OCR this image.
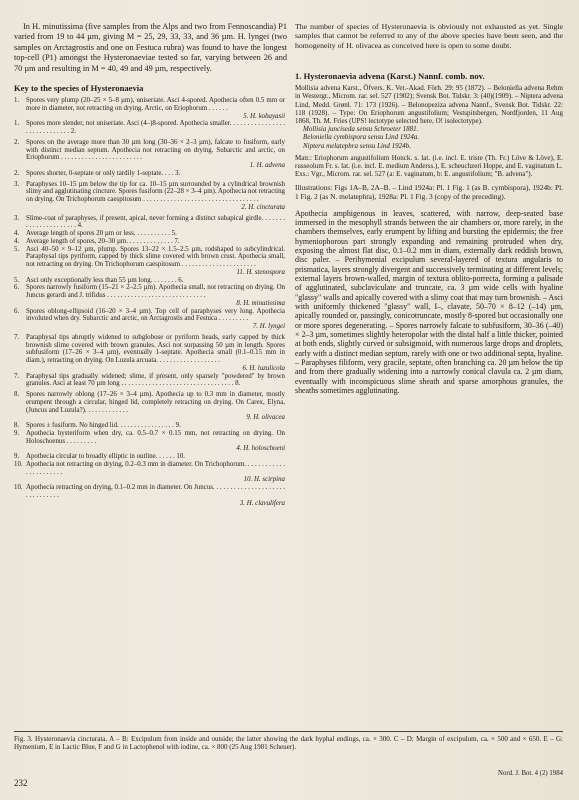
In H. minutissima (five samples from the Alps and two from Fennoscandia) P1 varied from 19 to 44 µm, giving M = 25, 29, 33, 33, and 36 µm. H. lyngei (two samples on Arctagrostis and one on Festuca rubra) was found to have the longest top-cell (P1) amongst the Hysteronaeviae tested so far, varying between 26 and 70 µm and resulting in M = 40, 49 and 49 µm, respectively.

Key to the species of Hysteronaevia
1. Spores very plump (20–25 × 5–8 µm), uniseriate. Asci 4-spored. Apothecia often 0.5 mm or more in diameter, not retracting on drying. Arctic, on Eriophorum . . . . . .
5. H. kobayasii
1. Spores more slender, not uniseriate. Asci (4–)8-spored. Apothecia smaller. . . . . . . . . . . . . . . . . . . . . . . . . . . . . 2.
2. Spores on the average more than 30 µm long (30–36 × 2–3 µm), falcate to fusiform, early with distinct median septum. Apothecia not retracting on drying. Subarctic and arctic, on Eriophorum . . . . . . . . . . . . . . . . . . . . . . . .
1. H. advena
2. Spores shorter, 0-septate or only tardily 1-septate. . . . 3.
3. Paraphyses 10–15 µm below the tip for ca. 10–15 µm surrounded by a cylindrical brownish slimy and agglutinating cincture. Spores fusiform (22–28 × 3–4 µm). Apothecia not retracting on drying. On Trichophorum caespitosum . . . . . . . . . . . . . . . . . . . . . . . . . . . . . . . . . .
2. H. cincturata
3. Slime-coat of paraphyses, if present, apical, never forming a distinct subapical girdle. . . . . . . . . . . . . . . . . . . . . . 4.
4. Average length of spores 20 µm or less. . . . . . . . . . . 5.
4. Average length of spores, 20–30 µm. . . . . . . . . . . . . . 7.
5. Asci 40–50 × 9–12 µm, plump. Spores 13–22 × 1.5–2.5 µm, rodshaped to subcylindrical. Paraphysal tips pyriform, capped by thick slime covered with brown crust. Apothecia small, not retracting on drying. On Trichophorum caespitosum . . . . . . . . . . . . . . . . . . . . . .
11. H. stenospora
5. Asci only exceptionally less than 55 µm long. . . . . . . . 6.
6. Spores narrowly fusiform (15–21 × 2–2.5 µm). Apothecia small, not retracting on drying. On Juncus gerardi and J. trifidus . . . . . . . . . . . . . . . . . . . . . . . . . . . . .
8. H. minutissima
6. Spores oblong-ellipsoid (16–20 × 3–4 µm). Top cell of paraphyses very long. Apothecia involuted when dry. Subarctic and arctic, on Arctagrostis and Festuca . . . . . . . . .
7. H. lyngei
7. Paraphysal tips abruptly widened to subglobose or pyriform heads, early capped by thick brownish slime covered with brown granules. Asci not surpassing 50 µm in length. Spores subfusiform (17–26 × 3–4 µm), eventually 1-septate. Apothecia small (0.1–0.15 mm in diam.), retracting on drying. On Luzula arcuata. . . . . . . . . . . . . . . . . . .
6. H. luzulicola
7. Paraphysal tips gradually widened; slime, if present, only sparsely "powdered" by brown granules. Asci at least 70 µm long . . . . . . . . . . . . . . . . . . . . . . . . . . . . . . . . . 8.
8. Spores narrowly oblong (17–26 × 3–4 µm). Apothecia up to 0.3 mm in diameter, mostly erumpent through a circular, hinged lid, completely retracting on drying. On Carex, Elyna, (Juncus and Luzula?). . . . . . . . . . . . .
9. H. olivacea
8. Spores ± fusiform. No hinged lid. . . . . . . . . . . . . . . . . 9.
9. Apothecia hysteriform when dry, ca. 0.5–0.7 × 0.15 mm, not retracting on drying. On Holoschoenus . . . . . . . . .
4. H. holoschoeni
9. Apothecia circular to broadly elliptic in outline. . . . . . 10.
10. Apothecia not retracting on drying, 0.2–0.3 mm in diameter. On Trichophorum. . . . . . . . . . . . . . . . . . . . . . .
10. H. scirpina
10. Apothecia retracting on drying, 0.1–0.2 mm in diameter. On Juncus. . . . . . . . . . . . . . . . . . . . . . . . . . . . . . .
3. H. clavulifera

The number of species of Hysteronaevia is obviously not exhausted as yet. Single samples that cannot be referred to any of the above species have been seen, and the homogeneity of H. olivacea as conceived here is open to some doubt.

1. Hysteronaevia advena (Karst.) Nannf. comb. nov.

Mollisia advena Karst., Öfvers. K. Vet.-Akad. Förh. 29: 95 (1872). – Beloniella advena Rehm in Westergr., Microm. rar. sel. 527 (1902); Svensk Bot. Tidskr. 3: (40)(1909). – Niptera advena Lind, Medd. Grønl. 71: 173 (1926). – Belonopeziza advena Nannf., Svensk Bot. Tidskr. 22: 118 (1928). – Type: On Eriophorum angustifolium; Vestspitsbergen, Nordfjorden, 11 Aug 1868, Th. M. Fries (UPS! lectotype selected here, O! isolectotype).

Mollisia junciseda sensu Schroeter 1881.

Beloniella cymbispora sensu Lind 1924a.

Niptera melatephra sensu Lind 1924b.

Matr.: Eriophorum angustifolium Honck. s. lat. (i.e. incl. E. triste (Th. Fr.) Löve & Löve), E. russeolum Fr. s. lat. (i.e. incl. E. medium Anderss.), E. scheuchzeri Hoppe, and E. vaginatum L.

Exs.: Vgr., Microm. rar. sel. 527 (a: E. vaginatum, b: E. angustifolium; "B. advena").

Illustrations: Figs 1A–B, 2A–B. – Lind 1924a: Pl. 1 Fig. 1 (as B. cymbispora), 1924b: Pl. 1 Fig. 2 (as N. melatephra), 1928a: Pl. 1 Fig. 3 (copy of the preceding).

Apothecia amphigenous in leaves, scattered, with narrow, deep-seated base immersed in the mesophyll strands between the air chambers or, more rarely, in the chambers themselves, early erumpent by lifting and bursting the epidermis; the free hymeniophorous part strongly expanding and remaining protruded when dry, exposing the almost flat disc, 0.1–0.2 mm in diam, externally dark reddish brown, disc paler. – Perihymenial excipulum several-layered of textura angularis to prismatica, layers strongly divergent and successively terminating at different levels; external layers brown-walled, margin of textura oblito-porrecta, forming a palisade of agglutinated, subclaviculate and truncate, ca. 3 µm wide cells with hyaline "glassy" walls and apically covered with a slimy coat that may turn brownish. – Asci with uniformly thickened "glassy" wall, I–, clavate, 50–70 × 8–12 (–14) µm, apically rounded or, passingly, conicotruncate, mostly 8-spored but occasionally one or more spores degenerating. – Spores narrowly falcate to subfusiform, 30–36 (–40) × 2–3 µm, sometimes slightly heteropolar with the distal half a little thicker, pointed at both ends, slightly curved or subsigmoid, with numerous large drops and droplets, early with a distinct median septum, rarely with one or two additional septa, hyaline. – Paraphyses filiform, very gracile, septate, often branching ca. 20 µm below the tip and from there gradually widening into a narrowly conical clavula ca. 2 µm diam, eventually with inconspicuous slime sheath and sparse amorphous granules, the sheaths sometimes agglutinating.

Fig. 3. Hysteronaevia cincturata. A – B: Excipulum from inside and outside; the latter showing the dark hyphal endings, ca. × 300. C – D: Margin of excipulum, ca. × 500 and × 650. E – G: Hymenium, E in Lactic Blue, F and G in Lactophenol with iodine, ca. × 800 (25 Aug 1981 Scheuer).
232
Nord. J. Bot. 4 (2) 1984
